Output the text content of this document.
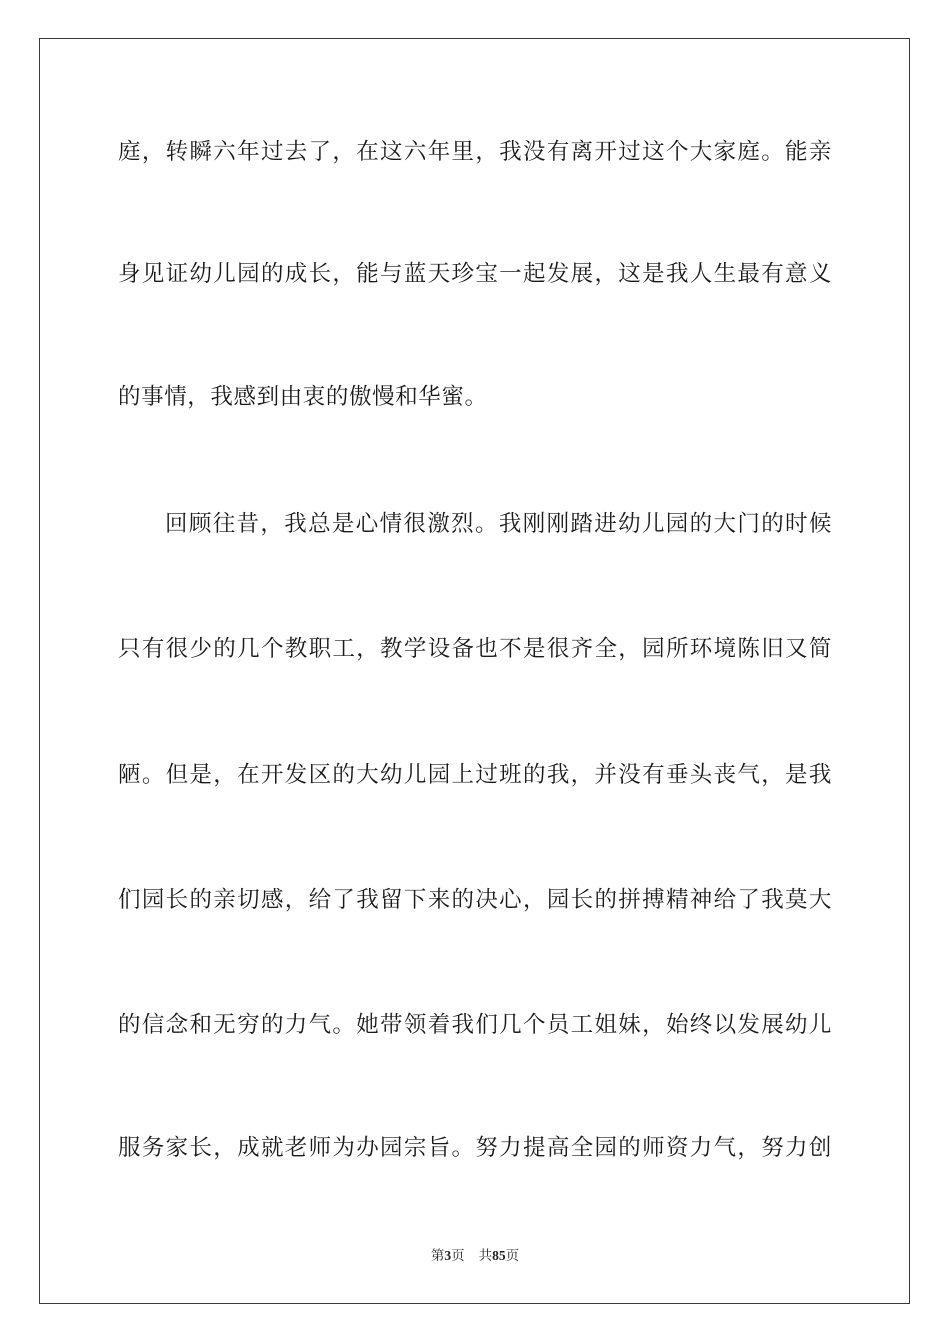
庭，转瞬六年过去了，在这六年里，我没有离开过这个大家庭。能亲
身见证幼儿园的成长，能与蓝天珍宝一起发展，这是我人生最有意义
的事情，我感到由衷的傲慢和华蜜。
回顾往昔，我总是心情很激烈。我刚刚踏进幼儿园的大门的时候
只有很少的几个教职工，教学设备也不是很齐全，园所环境陈旧又简
陋。但是，在开发区的大幼儿园上过班的我，并没有垂头丧气，是我
们园长的亲切感，给了我留下来的决心，园长的拼搏精神给了我莫大
的信念和无穷的力气。她带领着我们几个员工姐妹，始终以发展幼儿
服务家长，成就老师为办园宗旨。努力提高全园的师资力气，努力创
第3页 共85页
